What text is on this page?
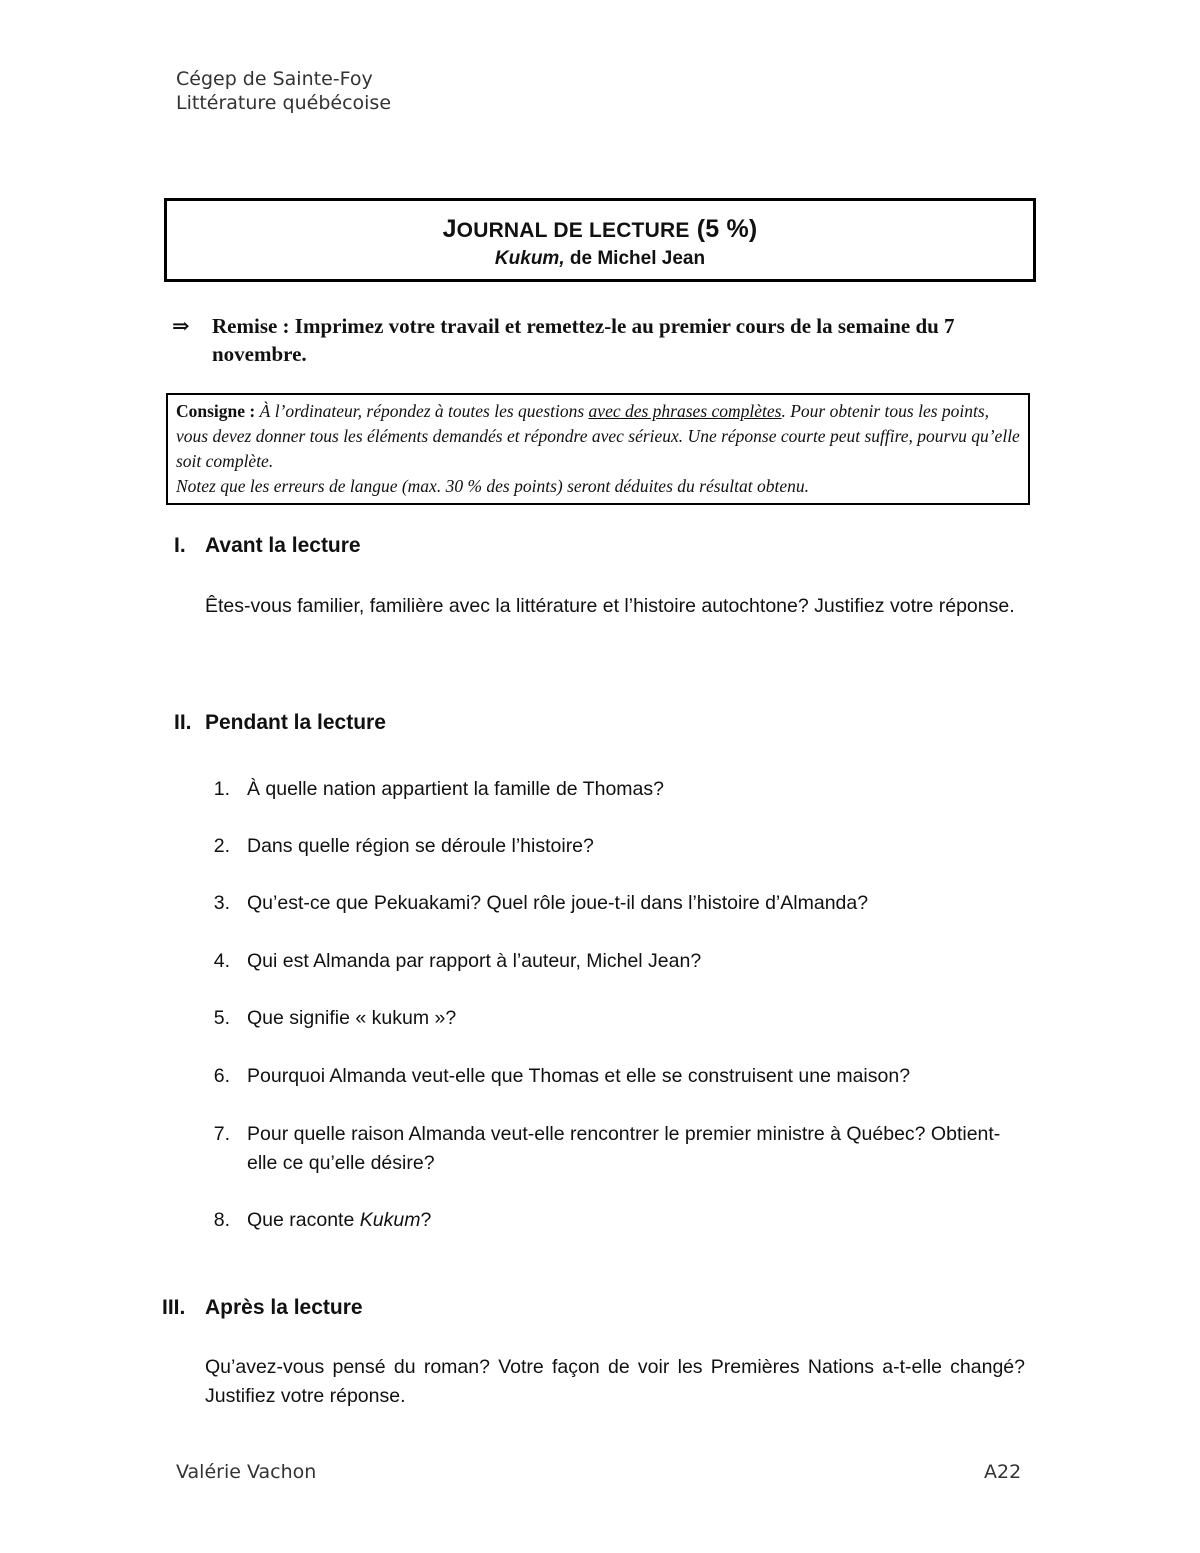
Cégep de Sainte-Foy
Littérature québécoise
JOURNAL DE LECTURE (5 %)
Kukum, de Michel Jean
⇒ Remise : Imprimez votre travail et remettez-le au premier cours de la semaine du 7 novembre.
Consigne : À l’ordinateur, répondez à toutes les questions avec des phrases complètes. Pour obtenir tous les points, vous devez donner tous les éléments demandés et répondre avec sérieux. Une réponse courte peut suffire, pourvu qu’elle soit complète.
Notez que les erreurs de langue (max. 30 % des points) seront déduites du résultat obtenu.
I. Avant la lecture
Êtes-vous familier, familière avec la littérature et l’histoire autochtone? Justifiez votre réponse.
II. Pendant la lecture
1. À quelle nation appartient la famille de Thomas?
2. Dans quelle région se déroule l’histoire?
3. Qu’est-ce que Pekuakami? Quel rôle joue-t-il dans l’histoire d’Almanda?
4. Qui est Almanda par rapport à l’auteur, Michel Jean?
5. Que signifie « kukum »?
6. Pourquoi Almanda veut-elle que Thomas et elle se construisent une maison?
7. Pour quelle raison Almanda veut-elle rencontrer le premier ministre à Québec? Obtient-elle ce qu’elle désire?
8. Que raconte Kukum?
III. Après la lecture
Qu’avez-vous pensé du roman? Votre façon de voir les Premières Nations a-t-elle changé? Justifiez votre réponse.
Valérie Vachon	A22
